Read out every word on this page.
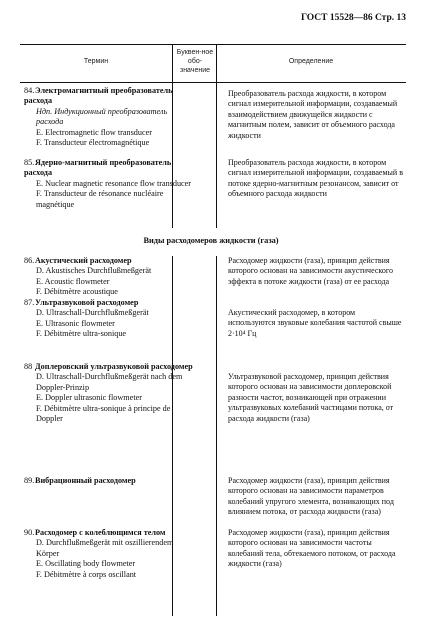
ГОСТ 15528—86 Стр. 13
Термин
Буквен-ное обо-значение
Определение
84.Электромагнитный преобразователь расхода
Ндп. Индукционный преобразователь расхода
E. Electromagnetic flow transducer
F. Transducteur électromagnétique
Преобразователь расхода жидкости, в котором сигнал измерительной информации, создаваемый взаимодействием движущейся жидкости с магнитным полем, зависит от объемного расхода жидкости
85.Ядерно-магнитный преобразователь расхода
E. Nuclear magnetic resonance flow transducer
F. Transducteur de résonance nucléaire magnétique
Преобразователь расхода жидкости, в котором сигнал измерительной информации, создаваемый в потоке ядерно-магнитным резонансом, зависит от объемного расхода жидкости
Виды расходомеров жидкости (газа)
86.Акустический расходомер
D. Akustisches Durchflußmeßgerät
E. Acoustic flowmeter
F. Débitmètre acoustique
Расходомер жидкости (газа), принцип действия которого основан на зависимости акустического эффекта в потоке жидкости (газа) от ее расхода
87.Ультразвуковой расходомер
D. Ultraschall-Durchflußmeßgerät
E. Ultrasonic flowmeter
F. Débitmètre ultra-sonique
Акустический расходомер, в котором используются звуковые колебания частотой свыше 2·10⁴ Гц
88 Доплеровский ультразвуковой расходомер
D. Ultraschall-Durchflußmeßgerät nach dem Doppler-Prinzip
E. Doppler ultrasonic flowmeter
F. Débitmètre ultra-sonique à principe de Doppler
Ультразвуковой расходомер, принцип действия которого основан на зависимости доплеровской разности частот, возникающей при отражении ультразвуковых колебаний частицами потока, от расхода жидкости (газа)
89.Вибрационный расходомер	Расходомер жидкости (газа), принцип действия которого основан на зависимости параметров колебаний упругого элемента, возникающих под влиянием потока, от расхода жидкости (газа)
90.Расходомер с колеблющимся телом
D. Durchflußmeßgerät mit oszillierendem Körper
E. Oscillating body flowmeter
F. Débitmètre à corps oscillant
Расходомер жидкости (газа), принцип действия которого основан на зависимости частоты колебаний тела, обтекаемого потоком, от расхода жидкости (газа)
